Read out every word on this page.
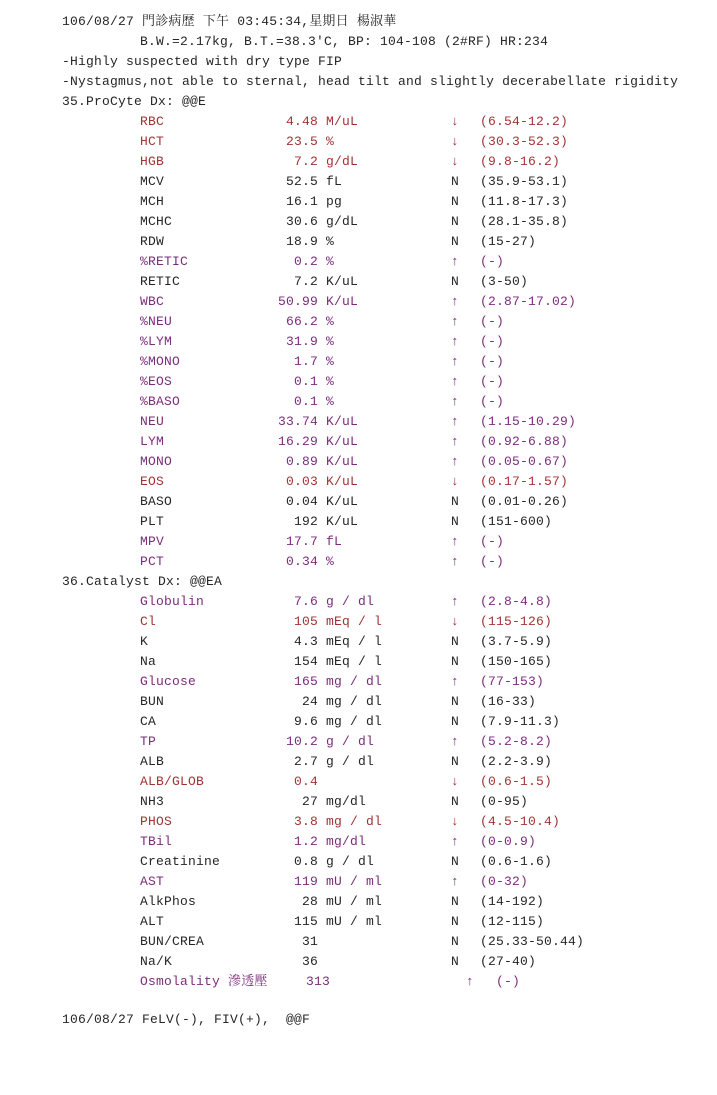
106/08/27 門診病歷 下午 03:45:34,星期日 楊淑華
B.W.=2.17kg, B.T.=38.3'C, BP: 104-108 (2#RF) HR:234
-Highly suspected with dry type FIP
-Nystagmus,not able to sternal, head tilt and slightly decerabellate rigidity
106/08/27 FeLV(-), FIV(+),  @@F
35.ProCyte Dx: @@E
RBC	4.48 M/uL	↓	(6.54-12.2)
HCT	23.5 %	↓	(30.3-52.3)
HGB	7.2 g/dL	↓	(9.8-16.2)
MCV	52.5 fL	N	(35.9-53.1)
MCH	16.1 pg	N	(11.8-17.3)
MCHC	30.6 g/dL	N	(28.1-35.8)
RDW	18.9 %	N	(15-27)
%RETIC	0.2 %	↑	(-)
RETIC	7.2 K/uL	N	(3-50)
WBC	50.99 K/uL	↑	(2.87-17.02)
%NEU	66.2 %	↑	(-)
%LYM	31.9 %	↑	(-)
%MONO	1.7 %	↑	(-)
%EOS	0.1 %	↑	(-)
%BASO	0.1 %	↑	(-)
NEU	33.74 K/uL	↑	(1.15-10.29)
LYM	16.29 K/uL	↑	(0.92-6.88)
MONO	0.89 K/uL	↑	(0.05-0.67)
EOS	0.03 K/uL	↓	(0.17-1.57)
BASO	0.04 K/uL	N	(0.01-0.26)
PLT	192 K/uL	N	(151-600)
MPV	17.7 fL	↑	(-)
PCT	0.34 %	↑	(-)
36.Catalyst Dx: @@EA
Globulin	7.6 g / dl	↑	(2.8-4.8)
Cl	105 mEq / l	↓	(115-126)
K	4.3 mEq / l	N	(3.7-5.9)
Na	154 mEq / l	N	(150-165)
Glucose	165 mg / dl	↑	(77-153)
BUN	24 mg / dl	N	(16-33)
CA	9.6 mg / dl	N	(7.9-11.3)
TP	10.2 g / dl	↑	(5.2-8.2)
ALB	2.7 g / dl	N	(2.2-3.9)
ALB/GLOB	0.4	↓	(0.6-1.5)
NH3	27 mg/dl	N	(0-95)
PHOS	3.8 mg / dl	↓	(4.5-10.4)
TBil	1.2 mg/dl	↑	(0-0.9)
Creatinine	0.8 g / dl	N	(0.6-1.6)
AST	119 mU / ml	↑	(0-32)
AlkPhos	28 mU / ml	N	(14-192)
ALT	115 mU / ml	N	(12-115)
BUN/CREA	31	N	(25.33-50.44)
Na/K	36	N	(27-40)
Osmolality 滲透壓	313	↑	(-)
